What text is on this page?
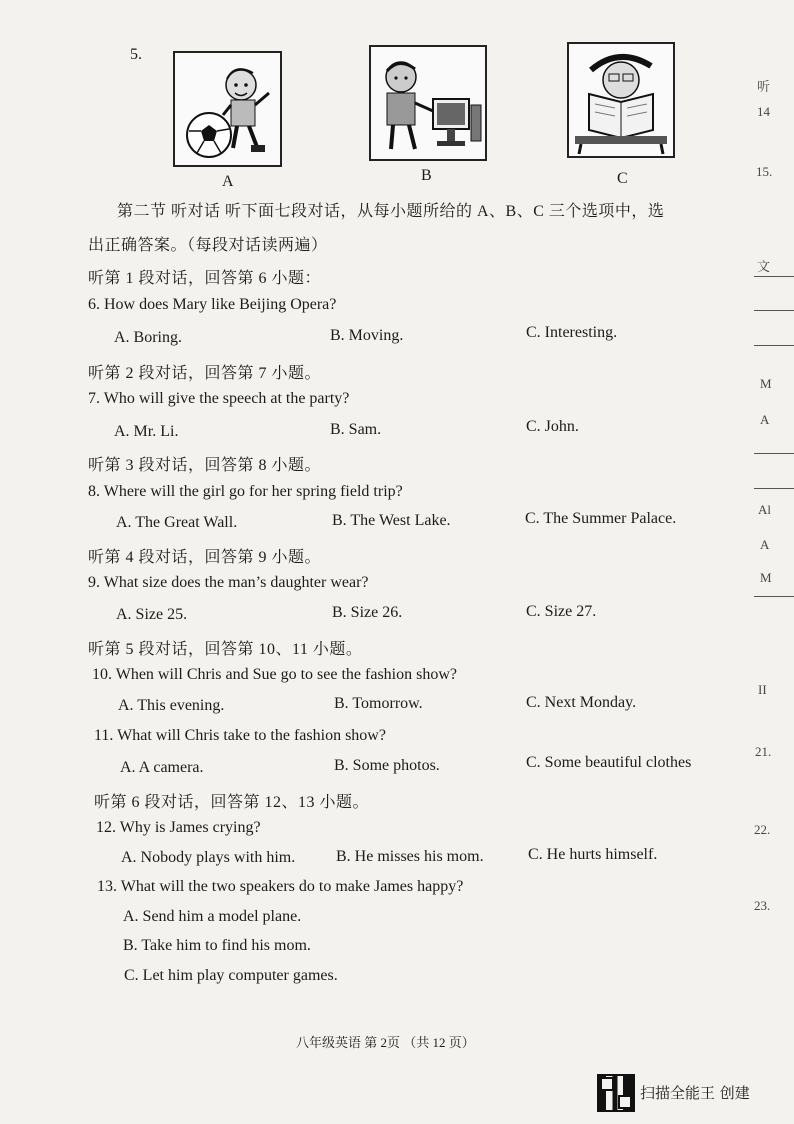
5.
A	B	C
第二节 听对话 听下面七段对话，从每小题所给的 A、B、C 三个选项中，选
出正确答案。（每段对话读两遍）
听第 1 段对话，回答第 6 小题：
6. How does Mary like Beijing Opera?
A. Boring.	B. Moving.	C. Interesting.
听第 2 段对话，回答第 7 小题。
7. Who will give the speech at the party?
A. Mr. Li.	B. Sam.	C. John.
听第 3 段对话，回答第 8 小题。
8. Where will the girl go for her spring field trip?
A. The Great Wall.	B. The West Lake.	C. The Summer Palace.
听第 4 段对话，回答第 9 小题。
9. What size does the man’s daughter wear?
A. Size 25.	B. Size 26.	C. Size 27.
听第 5 段对话，回答第 10、11 小题。
10. When will Chris and Sue go to see the fashion show?
A. This evening.	B. Tomorrow.	C. Next Monday.
11. What will Chris take to the fashion show?
A. A camera.	B. Some photos.	C. Some beautiful clothes
听第 6 段对话，回答第 12、13 小题。
12. Why is James crying?
A. Nobody plays with him.	B. He misses his mom.	C. He hurts himself.
13. What will the two speakers do to make James happy?
A. Send him a model plane.
B. Take him to find his mom.
C. Let him play computer games.
八年级英语 第 2页 （共 12 页）
听
14
15.
文
M
A
Al
A
M
II
21.
22.
23.
扫描全能王 创建
